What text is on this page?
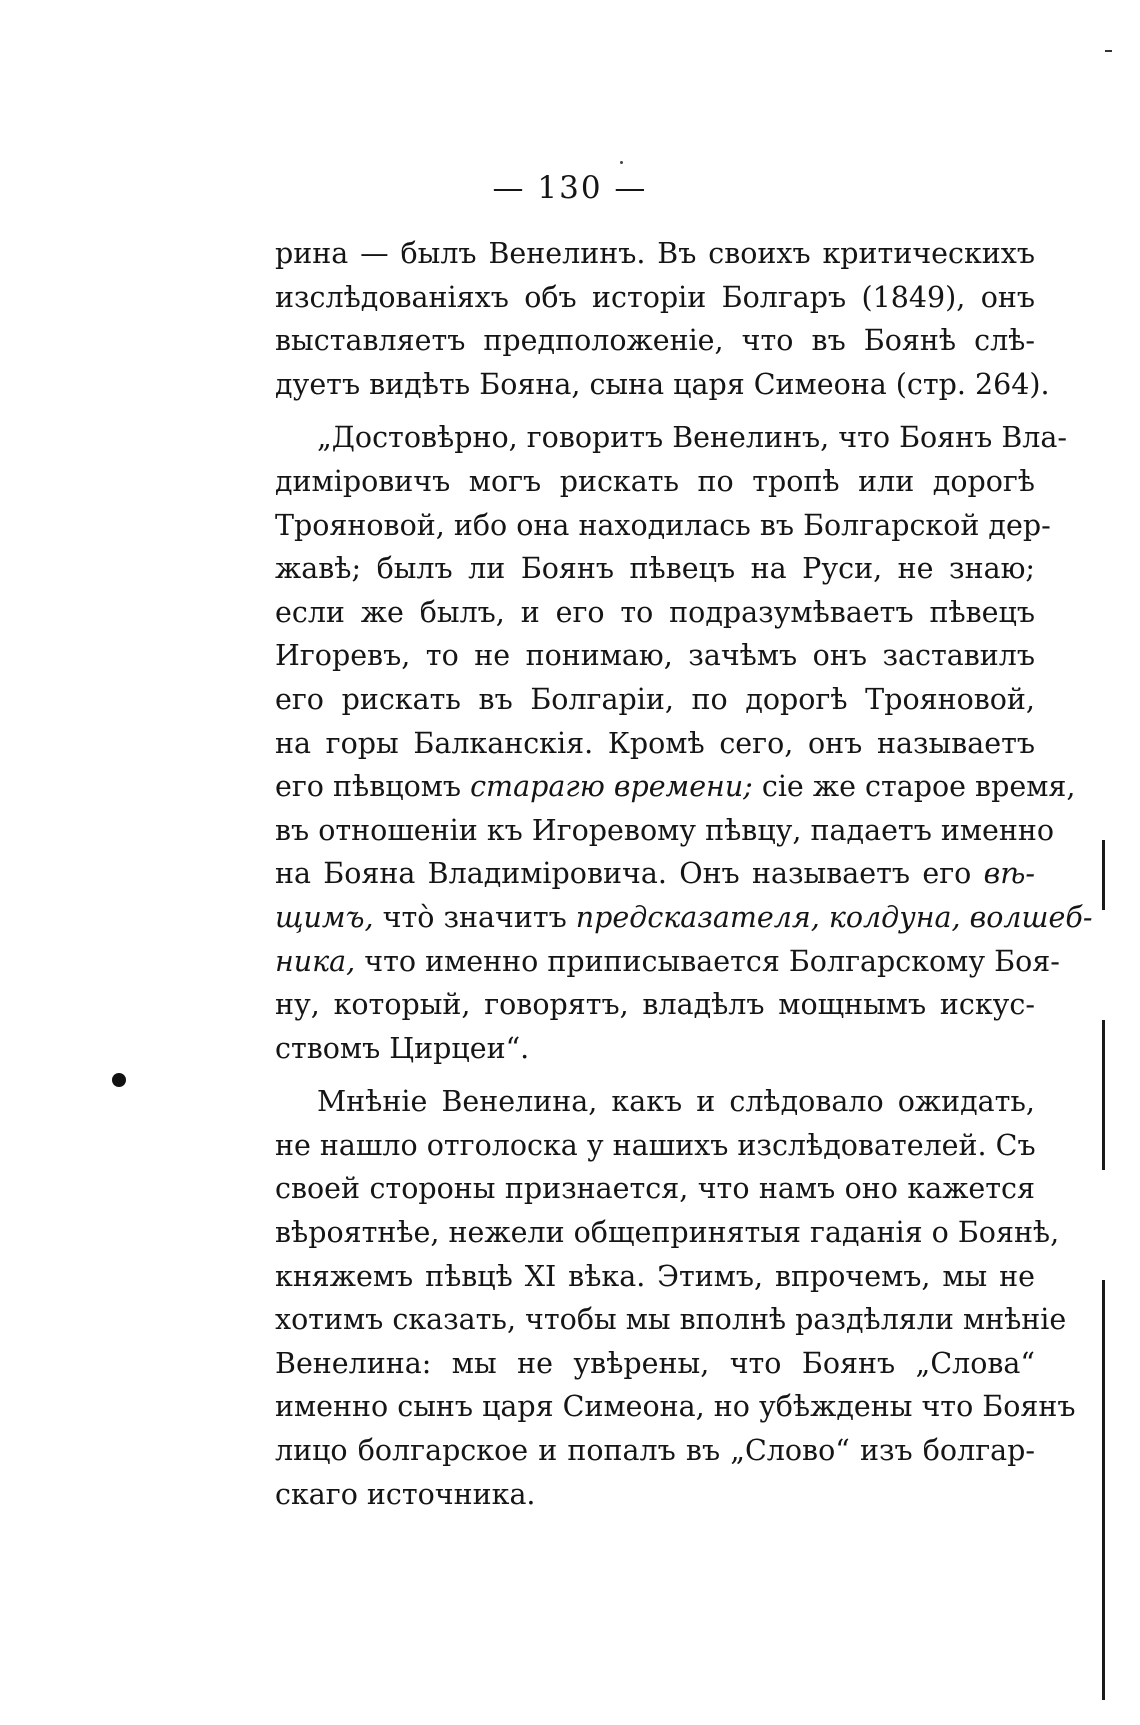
— 130 —
рина — былъ Венелинъ. Въ своихъ критическихъ
изслѣдованіяхъ объ исторіи Болгаръ (1849), онъ
выставляетъ предположеніе, что въ Боянѣ слѣ-
дуетъ видѣть Бояна, сына царя Симеона (стр. 264).
„Достовѣрно, говоритъ Венелинъ, что Боянъ Вла-
диміровичъ могъ рискать по тропѣ или дорогѣ
Трояновой, ибо она находилась въ Болгарской дер-
жавѣ; былъ ли Боянъ пѣвецъ на Руси, не знаю;
если же былъ, и его то подразумѣваетъ пѣвецъ
Игоревъ, то не понимаю, зачѣмъ онъ заставилъ
его рискать въ Болгаріи, по дорогѣ Трояновой,
на горы Балканскія. Кромѣ сего, онъ называетъ
его пѣвцомъ старагю времени; сіе же старое время,
въ отношеніи къ Игоревому пѣвцу, падаетъ именно
на Бояна Владиміровича. Онъ называетъ его вѣ-
щимъ, что̀ значитъ предсказателя, колдуна, волшеб-
ника, что именно приписывается Болгарскому Боя-
ну, который, говорятъ, владѣлъ мощнымъ искус-
ствомъ Цирцеи“.
Мнѣніе Венелина, какъ и слѣдовало ожидать,
не нашло отголоска у нашихъ изслѣдователей. Съ
своей стороны признается, что намъ оно кажется
вѣроятнѣе, нежели общепринятыя гаданія о Боянѣ,
княжемъ пѣвцѣ XI вѣка. Этимъ, впрочемъ, мы не
хотимъ сказать, чтобы мы вполнѣ раздѣляли мнѣніе
Венелина: мы не увѣрены, что Боянъ „Слова“
именно сынъ царя Симеона, но убѣждены что Боянъ
лицо болгарское и попалъ въ „Слово“ изъ болгар-
скаго источника.
